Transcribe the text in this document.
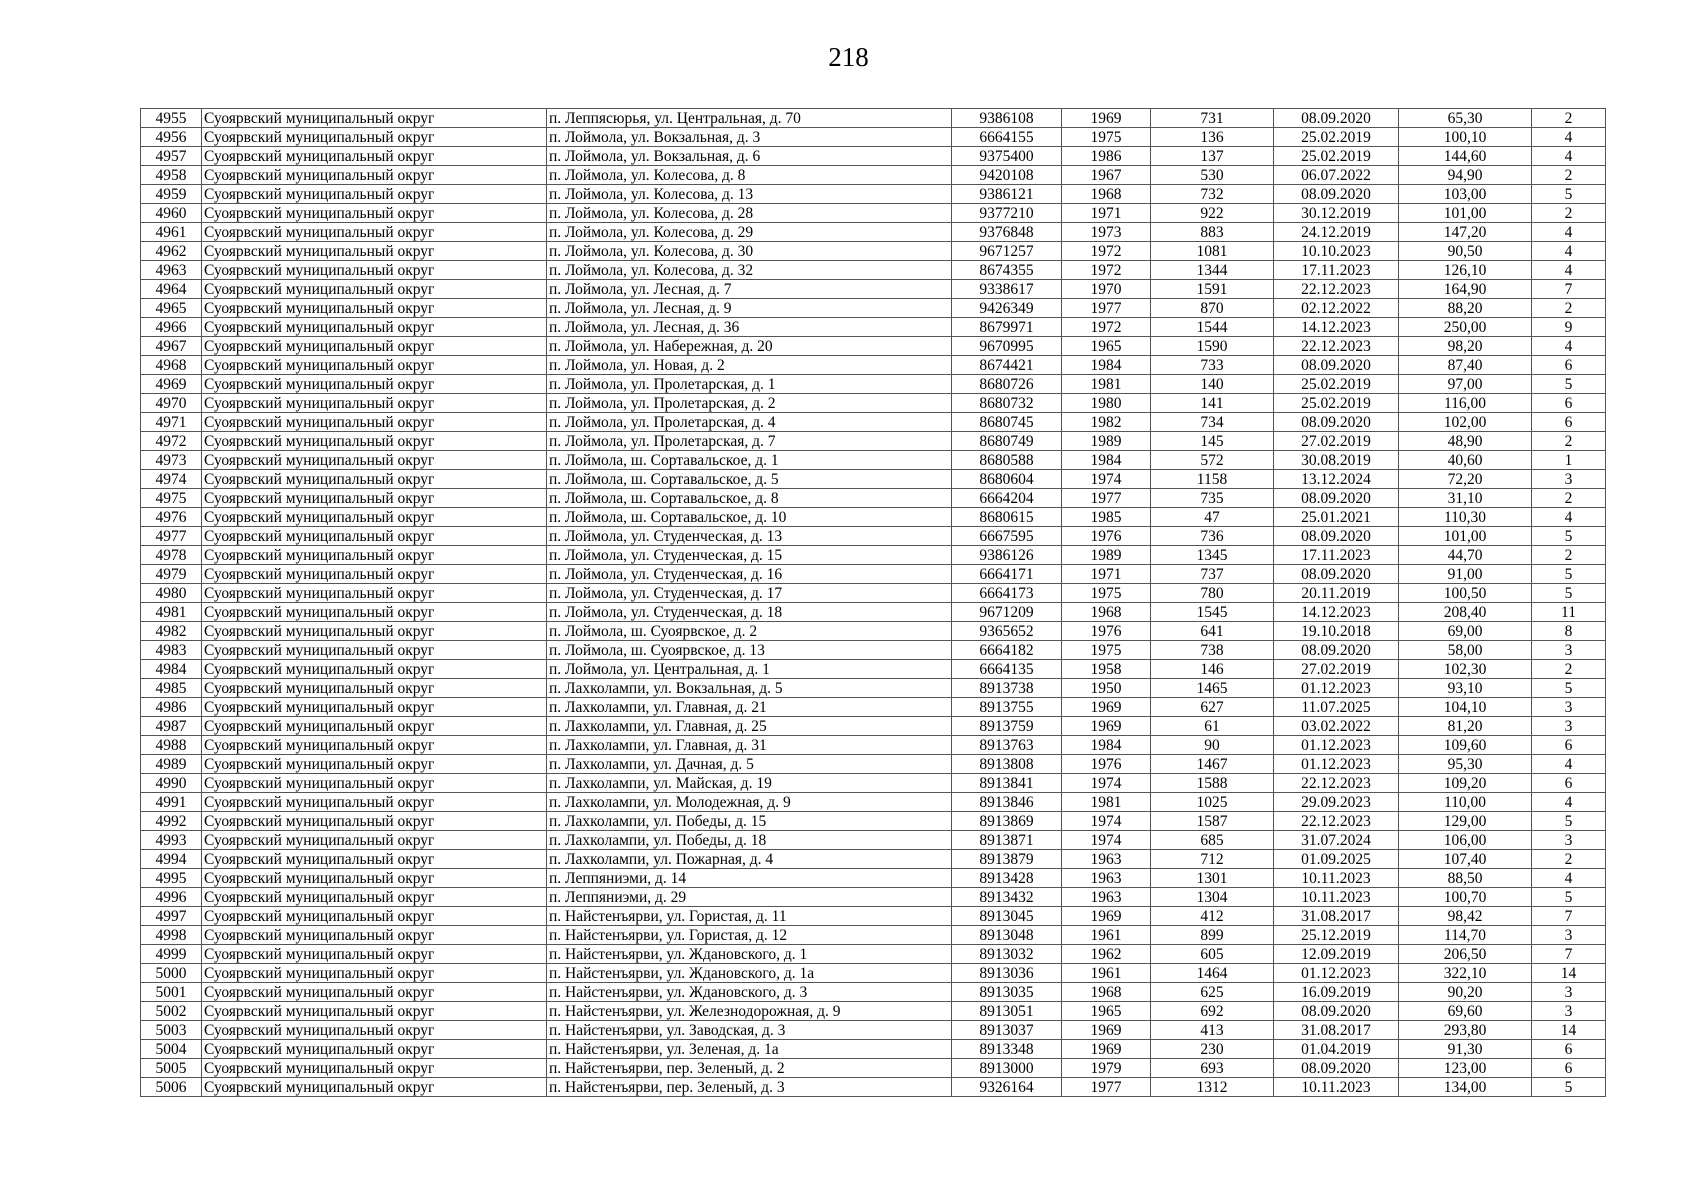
218
4955	Суоярвский муниципальный округ	п. Леппясюрья, ул. Центральная, д. 70	9386108	1969	731	08.09.2020	65,30	2
4956	Суоярвский муниципальный округ	п. Лоймола, ул. Вокзальная, д. 3	6664155	1975	136	25.02.2019	100,10	4
4957	Суоярвский муниципальный округ	п. Лоймола, ул. Вокзальная, д. 6	9375400	1986	137	25.02.2019	144,60	4
4958	Суоярвский муниципальный округ	п. Лоймола, ул. Колесова, д. 8	9420108	1967	530	06.07.2022	94,90	2
4959	Суоярвский муниципальный округ	п. Лоймола, ул. Колесова, д. 13	9386121	1968	732	08.09.2020	103,00	5
4960	Суоярвский муниципальный округ	п. Лоймола, ул. Колесова, д. 28	9377210	1971	922	30.12.2019	101,00	2
4961	Суоярвский муниципальный округ	п. Лоймола, ул. Колесова, д. 29	9376848	1973	883	24.12.2019	147,20	4
4962	Суоярвский муниципальный округ	п. Лоймола, ул. Колесова, д. 30	9671257	1972	1081	10.10.2023	90,50	4
4963	Суоярвский муниципальный округ	п. Лоймола, ул. Колесова, д. 32	8674355	1972	1344	17.11.2023	126,10	4
4964	Суоярвский муниципальный округ	п. Лоймола, ул. Лесная, д. 7	9338617	1970	1591	22.12.2023	164,90	7
4965	Суоярвский муниципальный округ	п. Лоймола, ул. Лесная, д. 9	9426349	1977	870	02.12.2022	88,20	2
4966	Суоярвский муниципальный округ	п. Лоймола, ул. Лесная, д. 36	8679971	1972	1544	14.12.2023	250,00	9
4967	Суоярвский муниципальный округ	п. Лоймола, ул. Набережная, д. 20	9670995	1965	1590	22.12.2023	98,20	4
4968	Суоярвский муниципальный округ	п. Лоймола, ул. Новая, д. 2	8674421	1984	733	08.09.2020	87,40	6
4969	Суоярвский муниципальный округ	п. Лоймола, ул. Пролетарская, д. 1	8680726	1981	140	25.02.2019	97,00	5
4970	Суоярвский муниципальный округ	п. Лоймола, ул. Пролетарская, д. 2	8680732	1980	141	25.02.2019	116,00	6
4971	Суоярвский муниципальный округ	п. Лоймола, ул. Пролетарская, д. 4	8680745	1982	734	08.09.2020	102,00	6
4972	Суоярвский муниципальный округ	п. Лоймола, ул. Пролетарская, д. 7	8680749	1989	145	27.02.2019	48,90	2
4973	Суоярвский муниципальный округ	п. Лоймола, ш. Сортавальское, д. 1	8680588	1984	572	30.08.2019	40,60	1
4974	Суоярвский муниципальный округ	п. Лоймола, ш. Сортавальское, д. 5	8680604	1974	1158	13.12.2024	72,20	3
4975	Суоярвский муниципальный округ	п. Лоймола, ш. Сортавальское, д. 8	6664204	1977	735	08.09.2020	31,10	2
4976	Суоярвский муниципальный округ	п. Лоймола, ш. Сортавальское, д. 10	8680615	1985	47	25.01.2021	110,30	4
4977	Суоярвский муниципальный округ	п. Лоймола, ул. Студенческая, д. 13	6667595	1976	736	08.09.2020	101,00	5
4978	Суоярвский муниципальный округ	п. Лоймола, ул. Студенческая, д. 15	9386126	1989	1345	17.11.2023	44,70	2
4979	Суоярвский муниципальный округ	п. Лоймола, ул. Студенческая, д. 16	6664171	1971	737	08.09.2020	91,00	5
4980	Суоярвский муниципальный округ	п. Лоймола, ул. Студенческая, д. 17	6664173	1975	780	20.11.2019	100,50	5
4981	Суоярвский муниципальный округ	п. Лоймола, ул. Студенческая, д. 18	9671209	1968	1545	14.12.2023	208,40	11
4982	Суоярвский муниципальный округ	п. Лоймола, ш. Суоярвское, д. 2	9365652	1976	641	19.10.2018	69,00	8
4983	Суоярвский муниципальный округ	п. Лоймола, ш. Суоярвское, д. 13	6664182	1975	738	08.09.2020	58,00	3
4984	Суоярвский муниципальный округ	п. Лоймола, ул. Центральная, д. 1	6664135	1958	146	27.02.2019	102,30	2
4985	Суоярвский муниципальный округ	п. Лахколампи, ул. Вокзальная, д. 5	8913738	1950	1465	01.12.2023	93,10	5
4986	Суоярвский муниципальный округ	п. Лахколампи, ул. Главная, д. 21	8913755	1969	627	11.07.2025	104,10	3
4987	Суоярвский муниципальный округ	п. Лахколампи, ул. Главная, д. 25	8913759	1969	61	03.02.2022	81,20	3
4988	Суоярвский муниципальный округ	п. Лахколампи, ул. Главная, д. 31	8913763	1984	90	01.12.2023	109,60	6
4989	Суоярвский муниципальный округ	п. Лахколампи, ул. Дачная, д. 5	8913808	1976	1467	01.12.2023	95,30	4
4990	Суоярвский муниципальный округ	п. Лахколампи, ул. Майская, д. 19	8913841	1974	1588	22.12.2023	109,20	6
4991	Суоярвский муниципальный округ	п. Лахколампи, ул. Молодежная, д. 9	8913846	1981	1025	29.09.2023	110,00	4
4992	Суоярвский муниципальный округ	п. Лахколампи, ул. Победы, д. 15	8913869	1974	1587	22.12.2023	129,00	5
4993	Суоярвский муниципальный округ	п. Лахколампи, ул. Победы, д. 18	8913871	1974	685	31.07.2024	106,00	3
4994	Суоярвский муниципальный округ	п. Лахколампи, ул. Пожарная, д. 4	8913879	1963	712	01.09.2025	107,40	2
4995	Суоярвский муниципальный округ	п. Леппяниэми, д. 14	8913428	1963	1301	10.11.2023	88,50	4
4996	Суоярвский муниципальный округ	п. Леппяниэми, д. 29	8913432	1963	1304	10.11.2023	100,70	5
4997	Суоярвский муниципальный округ	п. Найстенъярви, ул. Гористая, д. 11	8913045	1969	412	31.08.2017	98,42	7
4998	Суоярвский муниципальный округ	п. Найстенъярви, ул. Гористая, д. 12	8913048	1961	899	25.12.2019	114,70	3
4999	Суоярвский муниципальный округ	п. Найстенъярви, ул. Ждановского, д. 1	8913032	1962	605	12.09.2019	206,50	7
5000	Суоярвский муниципальный округ	п. Найстенъярви, ул. Ждановского, д. 1а	8913036	1961	1464	01.12.2023	322,10	14
5001	Суоярвский муниципальный округ	п. Найстенъярви, ул. Ждановского, д. 3	8913035	1968	625	16.09.2019	90,20	3
5002	Суоярвский муниципальный округ	п. Найстенъярви, ул. Железнодорожная, д. 9	8913051	1965	692	08.09.2020	69,60	3
5003	Суоярвский муниципальный округ	п. Найстенъярви, ул. Заводская, д. 3	8913037	1969	413	31.08.2017	293,80	14
5004	Суоярвский муниципальный округ	п. Найстенъярви, ул. Зеленая, д. 1а	8913348	1969	230	01.04.2019	91,30	6
5005	Суоярвский муниципальный округ	п. Найстенъярви, пер. Зеленый, д. 2	8913000	1979	693	08.09.2020	123,00	6
5006	Суоярвский муниципальный округ	п. Найстенъярви, пер. Зеленый, д. 3	9326164	1977	1312	10.11.2023	134,00	5
